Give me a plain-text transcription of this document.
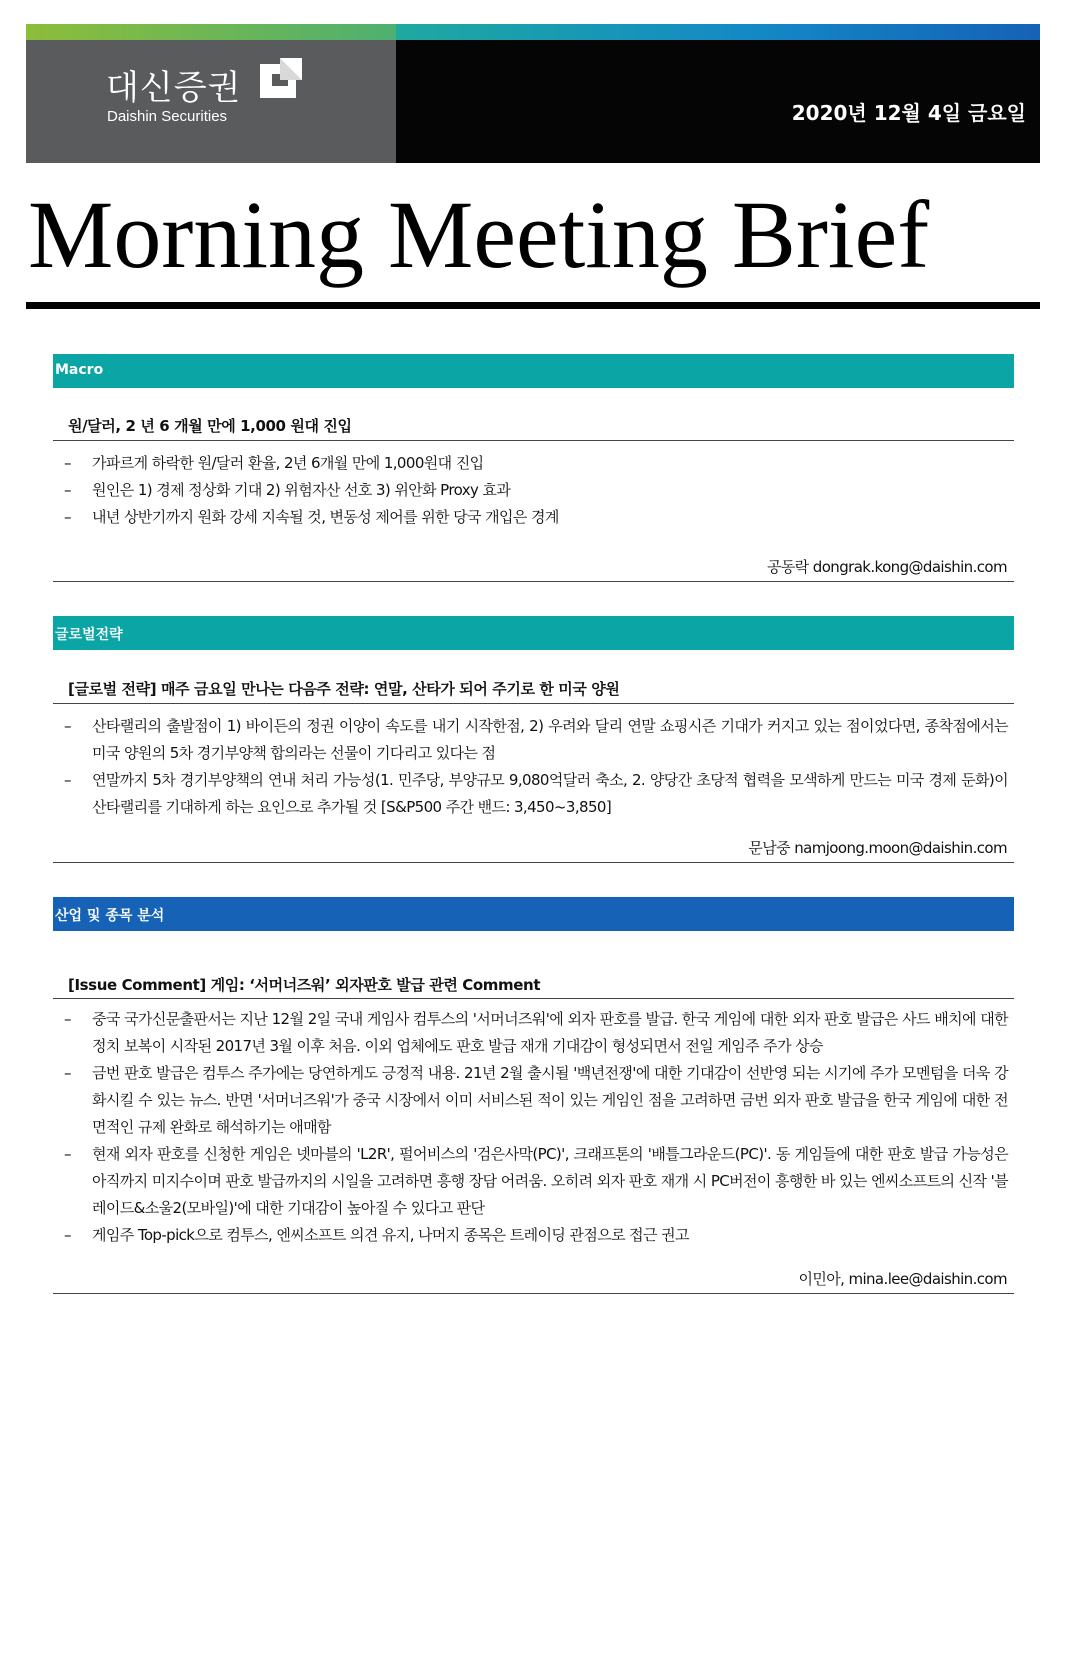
대신증권
Daishin Securities	2020년 12월 4일 금요일
Morning Meeting Brief
Macro
원/달러, 2 년 6 개월 만에 1,000 원대 진입
– 가파르게 하락한 원/달러 환율, 2년 6개월 만에 1,000원대 진입
– 원인은 1) 경제 정상화 기대 2) 위험자산 선호 3) 위안화 Proxy 효과
– 내년 상반기까지 원화 강세 지속될 것, 변동성 제어를 위한 당국 개입은 경계
공동락 dongrak.kong@daishin.com
글로벌전략
[글로벌 전략] 매주 금요일 만나는 다음주 전략: 연말, 산타가 되어 주기로 한 미국 양원
– 산타랠리의 출발점이 1) 바이든의 정권 이양이 속도를 내기 시작한점, 2) 우려와 달리 연말 쇼핑시즌 기대가 커지고 있는 점이었다면, 종착점에서는 미국 양원의 5차 경기부양책 합의라는 선물이 기다리고 있다는 점
– 연말까지 5차 경기부양책의 연내 처리 가능성(1. 민주당, 부양규모 9,080억달러 축소, 2. 양당간 초당적 협력을 모색하게 만드는 미국 경제 둔화)이 산타랠리를 기대하게 하는 요인으로 추가될 것 [S&P500 주간 밴드: 3,450~3,850]
문남중 namjoong.moon@daishin.com
산업 및 종목 분석
[Issue Comment] 게임: ‘서머너즈워’ 외자판호 발급 관련 Comment
– 중국 국가신문출판서는 지난 12월 2일 국내 게임사 컴투스의 '서머너즈워'에 외자 판호를 발급. 한국 게임에 대한 외자 판호 발급은 사드 배치에 대한 정치 보복이 시작된 2017년 3월 이후 처음. 이외 업체에도 판호 발급 재개 기대감이 형성되면서 전일 게임주 주가 상승
– 금번 판호 발급은 컴투스 주가에는 당연하게도 긍정적 내용. 21년 2월 출시될 '백년전쟁'에 대한 기대감이 선반영 되는 시기에 주가 모멘텀을 더욱 강화시킬 수 있는 뉴스. 반면 '서머너즈워'가 중국 시장에서 이미 서비스된 적이 있는 게임인 점을 고려하면 금번 외자 판호 발급을 한국 게임에 대한 전면적인 규제 완화로 해석하기는 애매함
– 현재 외자 판호를 신청한 게임은 넷마블의 'L2R', 펄어비스의 '검은사막(PC)', 크래프톤의 '배틀그라운드(PC)'. 동 게임들에 대한 판호 발급 가능성은 아직까지 미지수이며 판호 발급까지의 시일을 고려하면 흥행 장담 어려움. 오히려 외자 판호 재개 시 PC버전이 흥행한 바 있는 엔씨소프트의 신작 '블레이드&소울2(모바일)'에 대한 기대감이 높아질 수 있다고 판단
– 게임주 Top-pick으로 컴투스, 엔씨소프트 의견 유지, 나머지 종목은 트레이딩 관점으로 접근 권고
이민아, mina.lee@daishin.com
